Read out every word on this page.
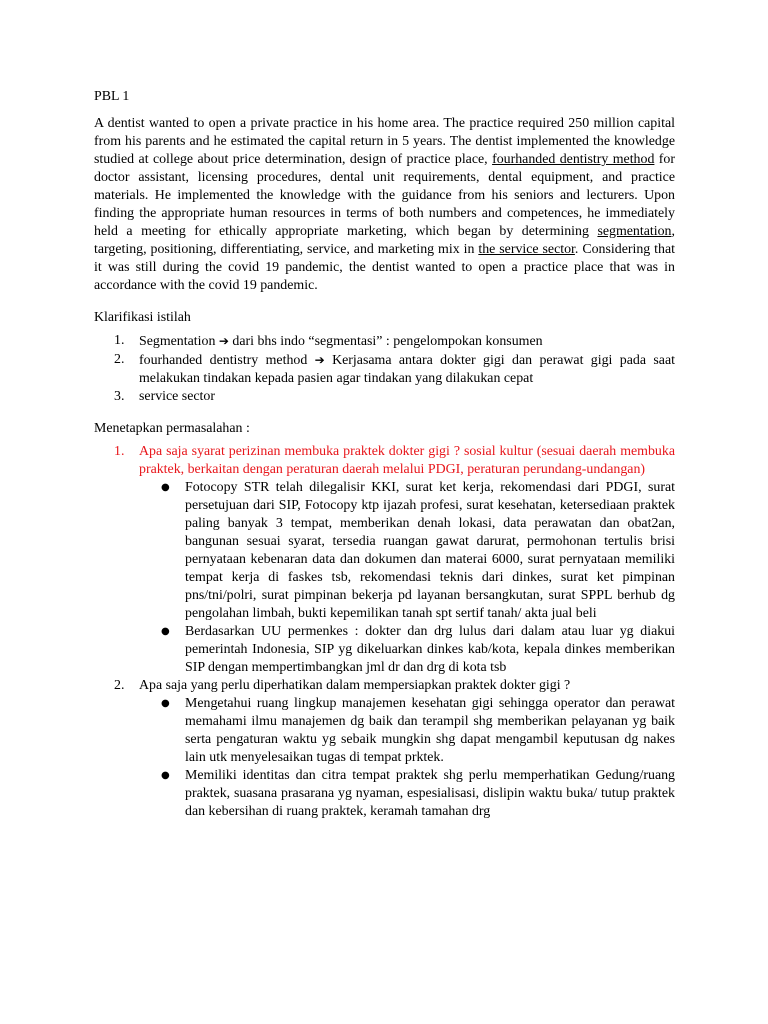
PBL 1

A dentist wanted to open a private practice in his home area. The practice required 250 million capital from his parents and he estimated the capital return in 5 years. The dentist implemented the knowledge studied at college about price determination, design of practice place, fourhanded dentistry method for doctor assistant, licensing procedures, dental unit requirements, dental equipment, and practice materials. He implemented the knowledge with the guidance from his seniors and lecturers. Upon finding the appropriate human resources in terms of both numbers and competences, he immediately held a meeting for ethically appropriate marketing, which began by determining segmentation, targeting, positioning, differentiating, service, and marketing mix in the service sector. Considering that it was still during the covid 19 pandemic, the dentist wanted to open a practice place that was in accordance with the covid 19 pandemic.

Klarifikasi istilah

1. Segmentation ➔ dari bhs indo “segmentasi” : pengelompokan konsumen
2. fourhanded dentistry method ➔ Kerjasama antara dokter gigi dan perawat gigi pada saat melakukan tindakan kepada pasien agar tindakan yang dilakukan cepat
3. service sector

Menetapkan permasalahan :

1. Apa saja syarat perizinan membuka praktek dokter gigi ? sosial kultur (sesuai daerah membuka praktek, berkaitan dengan peraturan daerah melalui PDGI, peraturan perundang-undangan)
● Fotocopy STR telah dilegalisir KKI, surat ket kerja, rekomendasi dari PDGI, surat persetujuan dari SIP, Fotocopy ktp ijazah profesi, surat kesehatan, ketersediaan praktek paling banyak 3 tempat, memberikan denah lokasi, data perawatan dan obat2an, bangunan sesuai syarat, tersedia ruangan gawat darurat, permohonan tertulis brisi pernyataan kebenaran data dan dokumen dan materai 6000, surat pernyataan memiliki tempat kerja di faskes tsb, rekomendasi teknis dari dinkes, surat ket pimpinan pns/tni/polri, surat pimpinan bekerja pd layanan bersangkutan, surat SPPL berhub dg pengolahan limbah, bukti kepemilikan tanah spt sertif tanah/ akta jual beli
● Berdasarkan UU permenkes : dokter dan drg lulus dari dalam atau luar yg diakui pemerintah Indonesia, SIP yg dikeluarkan dinkes kab/kota, kepala dinkes memberikan SIP dengan mempertimbangkan jml dr dan drg di kota tsb
2. Apa saja yang perlu diperhatikan dalam mempersiapkan praktek dokter gigi ?
● Mengetahui ruang lingkup manajemen kesehatan gigi sehingga operator dan perawat memahami ilmu manajemen dg baik dan terampil shg memberikan pelayanan yg baik serta pengaturan waktu yg sebaik mungkin shg dapat mengambil keputusan dg nakes lain utk menyelesaikan tugas di tempat prktek.
● Memiliki identitas dan citra tempat praktek shg perlu memperhatikan Gedung/ruang praktek, suasana prasarana yg nyaman, espesialisasi, dislipin waktu buka/ tutup praktek dan kebersihan di ruang praktek, keramah tamahan drg
